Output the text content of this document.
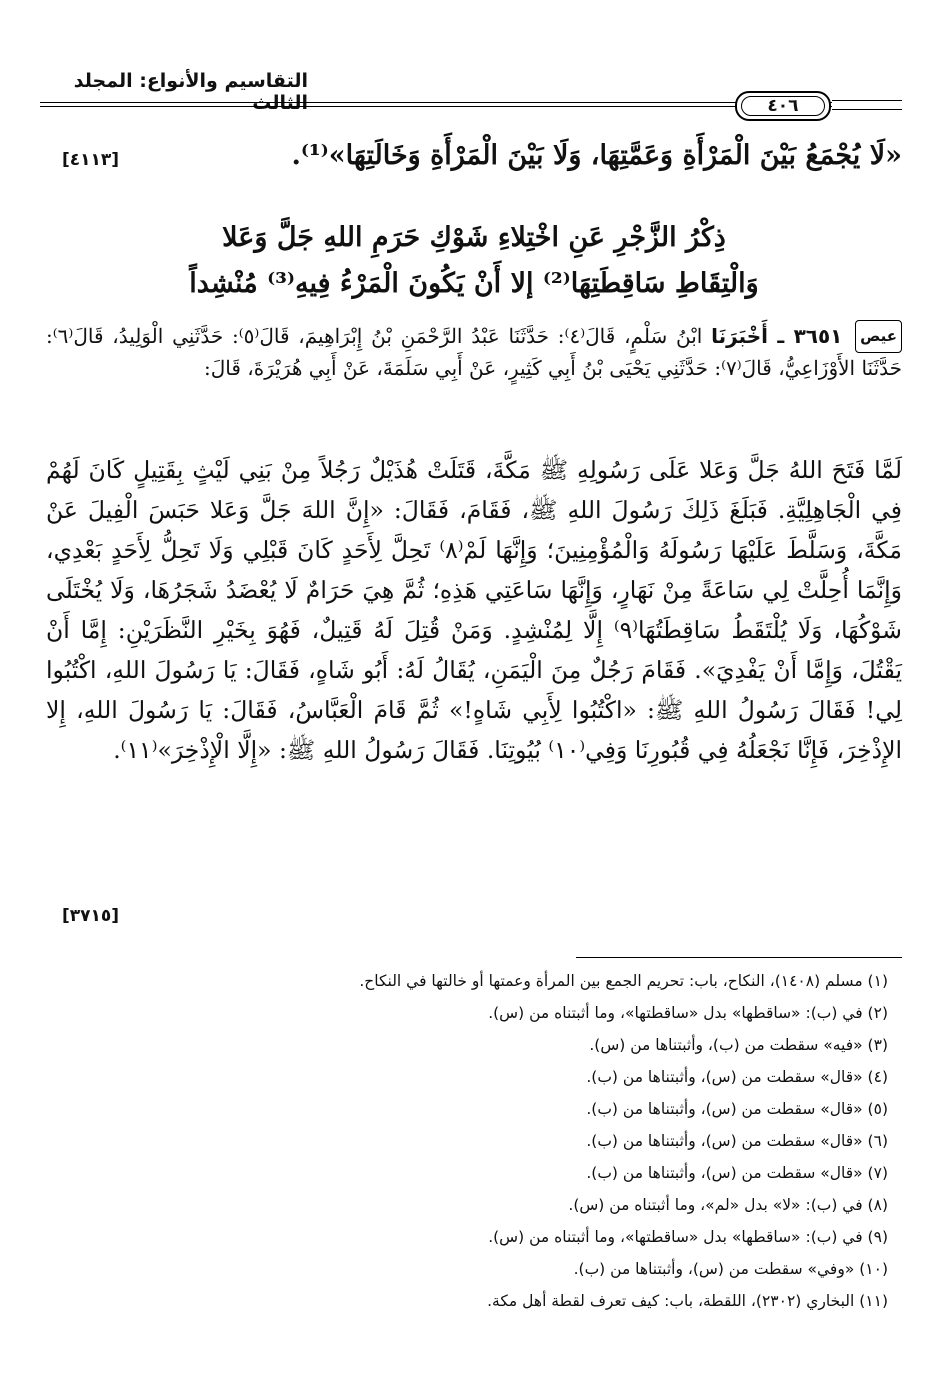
التقاسيم والأنواع: المجلد الثالث	٤٠٦
«لَا يُجْمَعُ بَيْنَ الْمَرْأَةِ وَعَمَّتِهَا، وَلَا بَيْنَ الْمَرْأَةِ وَخَالَتِهَا»⁽¹⁾.
[٤١١٣]
ذِكْرُ الزَّجْرِ عَنِ اخْتِلاءِ شَوْكِ حَرَمِ اللهِ جَلَّ وَعَلا
وَالْتِقَاطِ سَاقِطَتِهَا⁽²⁾ إلا أَنْ يَكُونَ الْمَرْءُ فِيهِ⁽³⁾ مُنْشِداً
عيص ٣٦٥١ ـ أَخْبَرَنَا ابْنُ سَلْمٍ، قَالَ⁽٤⁾: حَدَّثَنَا عَبْدُ الرَّحْمَنِ بْنُ إِبْرَاهِيمَ، قَالَ⁽٥⁾: حَدَّثَنِي الْوَلِيدُ، قَالَ⁽٦⁾: حَدَّثَنَا الأَوْزَاعِيُّ، قَالَ⁽٧⁾: حَدَّثَنِي يَحْيَى بْنُ أَبِي كَثِيرٍ، عَنْ أَبِي سَلَمَةَ، عَنْ أَبِي هُرَيْرَةَ، قَالَ:
لَمَّا فَتَحَ اللهُ جَلَّ وَعَلا عَلَى رَسُولِهِ ﷺ مَكَّةَ، قَتَلَتْ هُذَيْلٌ رَجُلاً مِنْ بَنِي لَيْثٍ بِقَتِيلٍ كَانَ لَهُمْ فِي الْجَاهِلِيَّةِ. فَبَلَغَ ذَلِكَ رَسُولَ اللهِ ﷺ، فَقَامَ، فَقَالَ: «إِنَّ اللهَ جَلَّ وَعَلا حَبَسَ الْفِيلَ عَنْ مَكَّةَ، وَسَلَّطَ عَلَيْهَا رَسُولَهُ وَالْمُؤْمِنِينَ؛ وَإِنَّهَا لَمْ⁽٨⁾ تَحِلَّ لِأَحَدٍ كَانَ قَبْلِي وَلَا تَحِلُّ لِأَحَدٍ بَعْدِي، وَإِنَّمَا أُحِلَّتْ لِي سَاعَةً مِنْ نَهَارٍ، وَإِنَّهَا سَاعَتِي هَذِهِ؛ ثُمَّ هِيَ حَرَامٌ لَا يُعْضَدُ شَجَرُهَا، وَلَا يُخْتَلَى شَوْكُهَا، وَلَا يُلْتَقَطُ سَاقِطَتُهَا⁽٩⁾ إِلَّا لِمُنْشِدٍ. وَمَنْ قُتِلَ لَهُ قَتِيلٌ، فَهُوَ بِخَيْرِ النَّظَرَيْنِ: إِمَّا أَنْ يَقْتُلَ، وَإِمَّا أَنْ يَفْدِيَ». فَقَامَ رَجُلٌ مِنَ الْيَمَنِ، يُقَالُ لَهُ: أَبُو شَاهٍ، فَقَالَ: يَا رَسُولَ اللهِ، اكْتُبُوا لِي! فَقَالَ رَسُولُ اللهِ ﷺ: «اكْتُبُوا لِأَبِي شَاهٍ!» ثُمَّ قَامَ الْعَبَّاسُ، فَقَالَ: يَا رَسُولَ اللهِ، إِلا الإِذْخِرَ، فَإِنَّا نَجْعَلُهُ فِي قُبُورِنَا وَفِي⁽١٠⁾ بُيُوتِنَا. فَقَالَ رَسُولُ اللهِ ﷺ: «إِلَّا الْإِذْخِرَ»⁽١١⁾.
[٣٧١٥]
(١) مسلم (١٤٠٨)، النكاح، باب: تحريم الجمع بين المرأة وعمتها أو خالتها في النكاح.
(٢) في (ب): «ساقطها» بدل «ساقطتها»، وما أثبتناه من (س).
(٣) «فيه» سقطت من (ب)، وأثبتناها من (س).
(٤) «قال» سقطت من (س)، وأثبتناها من (ب).
(٥) «قال» سقطت من (س)، وأثبتناها من (ب).
(٦) «قال» سقطت من (س)، وأثبتناها من (ب).
(٧) «قال» سقطت من (س)، وأثبتناها من (ب).
(٨) في (ب): «لا» بدل «لم»، وما أثبتناه من (س).
(٩) في (ب): «ساقطها» بدل «ساقطتها»، وما أثبتناه من (س).
(١٠) «وفي» سقطت من (س)، وأثبتناها من (ب).
(١١) البخاري (٢٣٠٢)، اللقطة، باب: كيف تعرف لقطة أهل مكة.
